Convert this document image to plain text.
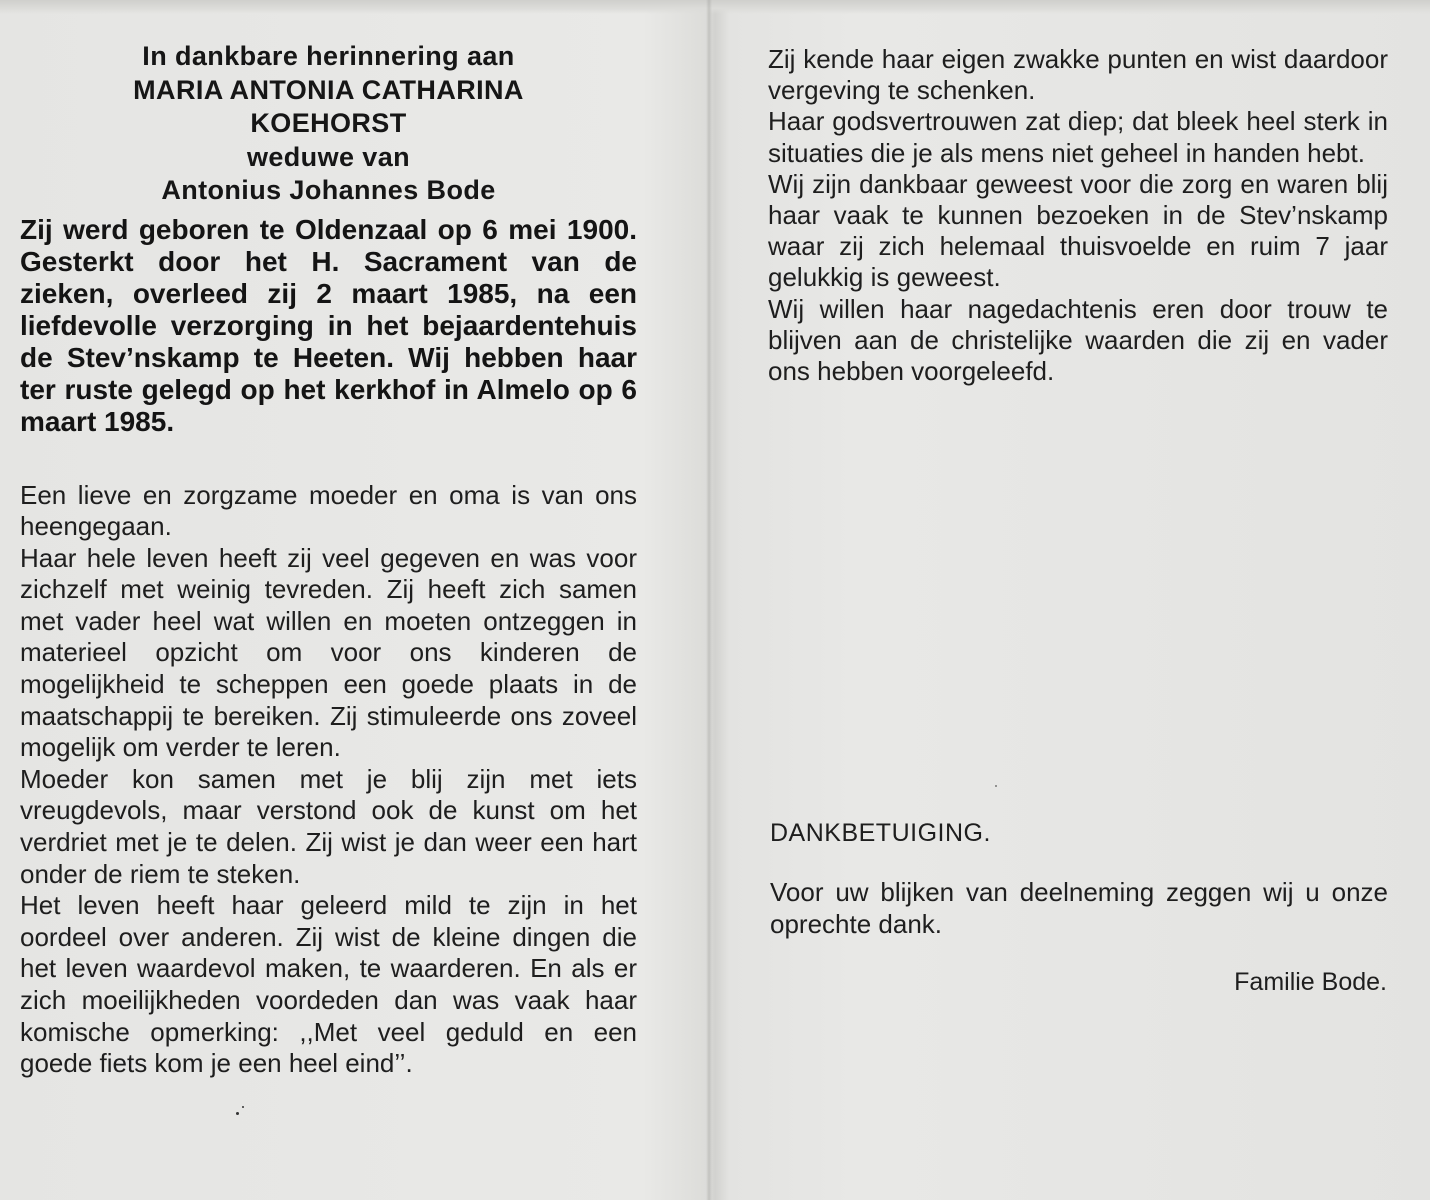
In dankbare herinnering aan
MARIA ANTONIA CATHARINA
KOEHORST
weduwe van
Antonius Johannes Bode
Zij werd geboren te Oldenzaal op 6 mei 1900. Gesterkt door het H. Sacrament van de zieken, overleed zij 2 maart 1985, na een liefdevolle verzorging in het bejaardentehuis de Stev’nskamp te Heeten. Wij hebben haar ter ruste gelegd op het kerkhof in Almelo op 6 maart 1985.

Een lieve en zorgzame moeder en oma is van ons heengegaan.

Haar hele leven heeft zij veel gegeven en was voor zichzelf met weinig tevreden. Zij heeft zich samen met vader heel wat willen en moeten ontzeggen in materieel opzicht om voor ons kinderen de mogelijkheid te scheppen een goede plaats in de maatschappij te bereiken. Zij stimuleerde ons zoveel mogelijk om verder te leren.

Moeder kon samen met je blij zijn met iets vreugdevols, maar verstond ook de kunst om het verdriet met je te delen. Zij wist je dan weer een hart onder de riem te steken.

Het leven heeft haar geleerd mild te zijn in het oordeel over anderen. Zij wist de kleine dingen die het leven waardevol maken, te waarderen. En als er zich moeilijkheden voordeden dan was vaak haar komische opmerking: ,,Met veel geduld en een goede fiets kom je een heel eind’’.

Zij kende haar eigen zwakke punten en wist daardoor vergeving te schenken.

Haar godsvertrouwen zat diep; dat bleek heel sterk in situaties die je als mens niet geheel in handen hebt.

Wij zijn dankbaar geweest voor die zorg en waren blij haar vaak te kunnen bezoeken in de Stev’nskamp waar zij zich helemaal thuisvoelde en ruim 7 jaar gelukkig is geweest.

Wij willen haar nagedachtenis eren door trouw te blijven aan de christelijke waarden die zij en vader ons hebben voorgeleefd.

DANKBETUIGING.
Voor uw blijken van deelneming zeggen wij u onze oprechte dank.
Familie Bode.
